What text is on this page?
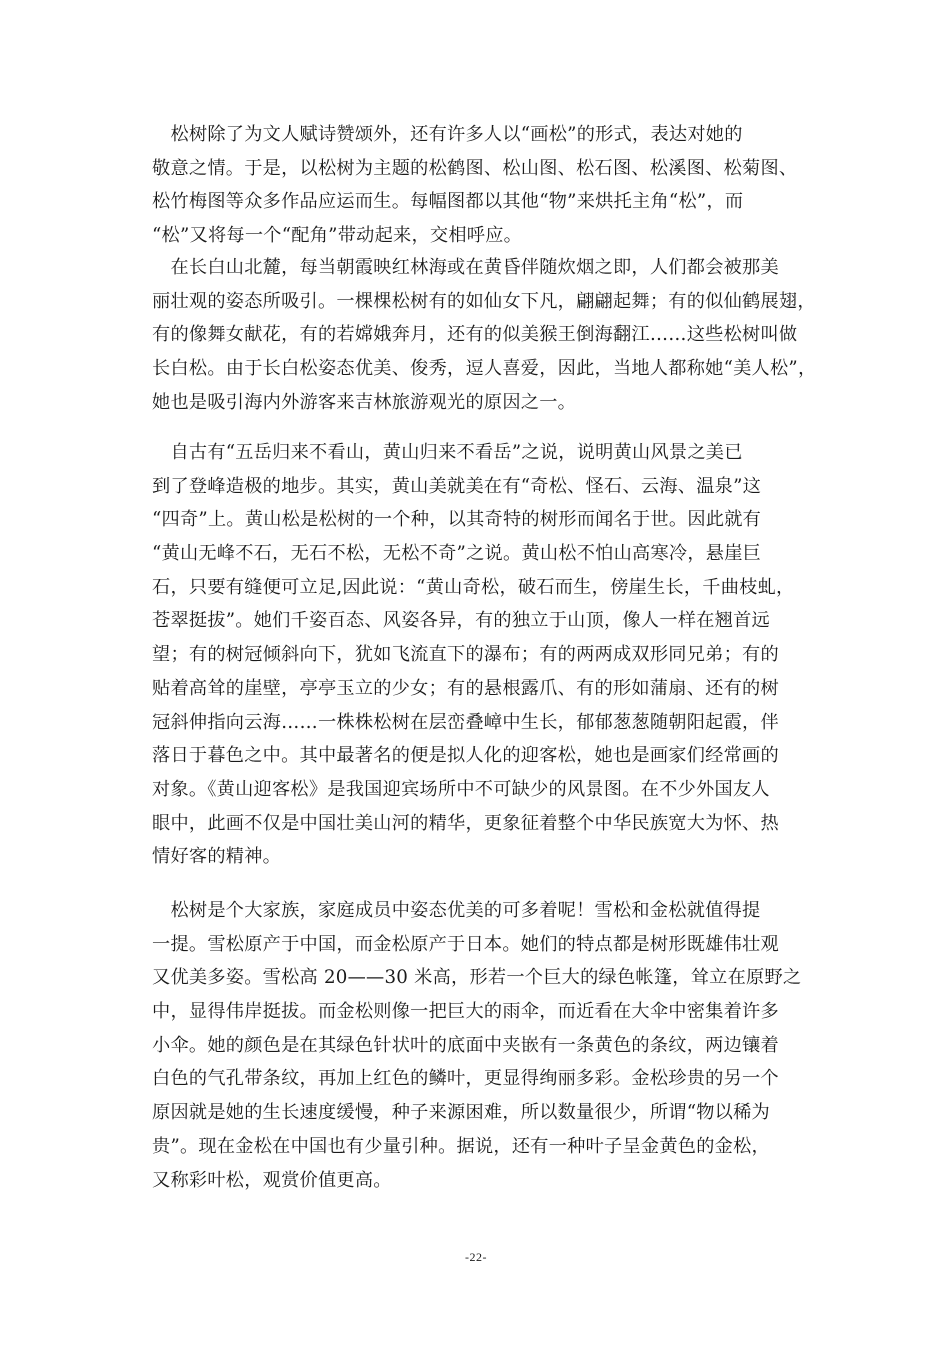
　松树除了为文人赋诗赞颂外，还有许多人以“画松”的形式，表达对她的
敬意之情。于是，以松树为主题的松鹤图、松山图、松石图、松溪图、松菊图、
松竹梅图等众多作品应运而生。每幅图都以其他“物”来烘托主角“松”，而
“松”又将每一个“配角”带动起来，交相呼应。
　在长白山北麓，每当朝霞映红林海或在黄昏伴随炊烟之即，人们都会被那美
丽壮观的姿态所吸引。一棵棵松树有的如仙女下凡，翩翩起舞；有的似仙鹤展翅，
有的像舞女献花，有的若嫦娥奔月，还有的似美猴王倒海翻江……这些松树叫做
长白松。由于长白松姿态优美、俊秀，逗人喜爱，因此，当地人都称她“美人松”，
她也是吸引海内外游客来吉林旅游观光的原因之一。
　自古有“五岳归来不看山，黄山归来不看岳”之说，说明黄山风景之美已
到了登峰造极的地步。其实，黄山美就美在有“奇松、怪石、云海、温泉”这
“四奇”上。黄山松是松树的一个种，以其奇特的树形而闻名于世。因此就有
“黄山无峰不石，无石不松，无松不奇”之说。黄山松不怕山高寒冷，悬崖巨
石，只要有缝便可立足,因此说：“黄山奇松，破石而生，傍崖生长，千曲枝虬，
苍翠挺拔”。她们千姿百态、风姿各异，有的独立于山顶，像人一样在翘首远
望；有的树冠倾斜向下，犹如飞流直下的瀑布；有的两两成双形同兄弟；有的
贴着高耸的崖壁，亭亭玉立的少女；有的悬根露爪、有的形如蒲扇、还有的树
冠斜伸指向云海……一株株松树在层峦叠嶂中生长，郁郁葱葱随朝阳起霞，伴
落日于暮色之中。其中最著名的便是拟人化的迎客松，她也是画家们经常画的
对象。《黄山迎客松》是我国迎宾场所中不可缺少的风景图。在不少外国友人
眼中，此画不仅是中国壮美山河的精华，更象征着整个中华民族宽大为怀、热
情好客的精神。
　松树是个大家族，家庭成员中姿态优美的可多着呢！雪松和金松就值得提
一提。雪松原产于中国，而金松原产于日本。她们的特点都是树形既雄伟壮观
又优美多姿。雪松高 20——30 米高，形若一个巨大的绿色帐篷，耸立在原野之
中，显得伟岸挺拔。而金松则像一把巨大的雨伞，而近看在大伞中密集着许多
小伞。她的颜色是在其绿色针状叶的底面中夹嵌有一条黄色的条纹，两边镶着
白色的气孔带条纹，再加上红色的鳞叶，更显得绚丽多彩。金松珍贵的另一个
原因就是她的生长速度缓慢，种子来源困难，所以数量很少，所谓“物以稀为
贵”。现在金松在中国也有少量引种。据说，还有一种叶子呈金黄色的金松，
又称彩叶松，观赏价值更高。
-22-
